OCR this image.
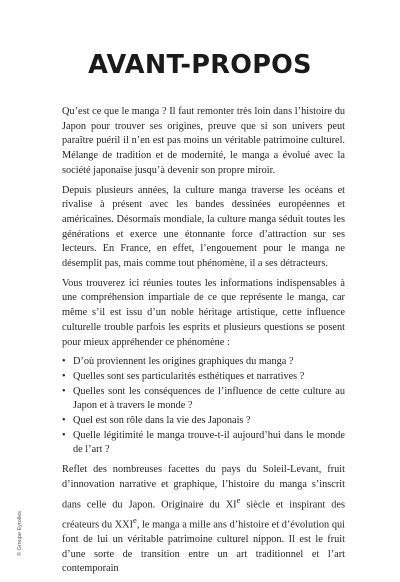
AVANT-PROPOS

Qu’est ce que le manga ? Il faut remonter très loin dans l’histoire du Japon pour trouver ses origines, preuve que si son univers peut paraître puéril il n’en est pas moins un véritable patrimoine culturel. Mélange de tradition et de modernité, le manga a évolué avec la société japonaise jusqu’à devenir son propre miroir.

Depuis plusieurs années, la culture manga traverse les océans et rivalise à présent avec les bandes dessinées européennes et américaines. Désormais mondiale, la culture manga séduit toutes les générations et exerce une étonnante force d’attraction sur ses lecteurs. En France, en effet, l’engouement pour le manga ne désemplit pas, mais comme tout phénomène, il a ses détracteurs.

Vous trouverez ici réunies toutes les informations indispensables à une compréhension impartiale de ce que représente le manga, car même s’il est issu d’un noble héritage artistique, cette influence culturelle trouble parfois les esprits et plusieurs questions se posent pour mieux appréhender ce phénomène :

• D’où proviennent les origines graphiques du manga ?
• Quelles sont ses particularités esthétiques et narratives ?
• Quelles sont les conséquences de l’influence de cette culture au Japon et à travers le monde ?
• Quel est son rôle dans la vie des Japonais ?
• Quelle légitimité le manga trouve-t-il aujourd’hui dans le monde de l’art ?

Reflet des nombreuses facettes du pays du Soleil-Levant, fruit d’innovation narrative et graphique, l’histoire du manga s’inscrit dans celle du Japon. Originaire du XIe siècle et inspirant des créateurs du XXIe, le manga a mille ans d’histoire et d’évolution qui font de lui un véritable patrimoine culturel nippon. Il est le fruit d’une sorte de transition entre un art traditionnel et l’art contemporain

© Groupe Eyrolles
